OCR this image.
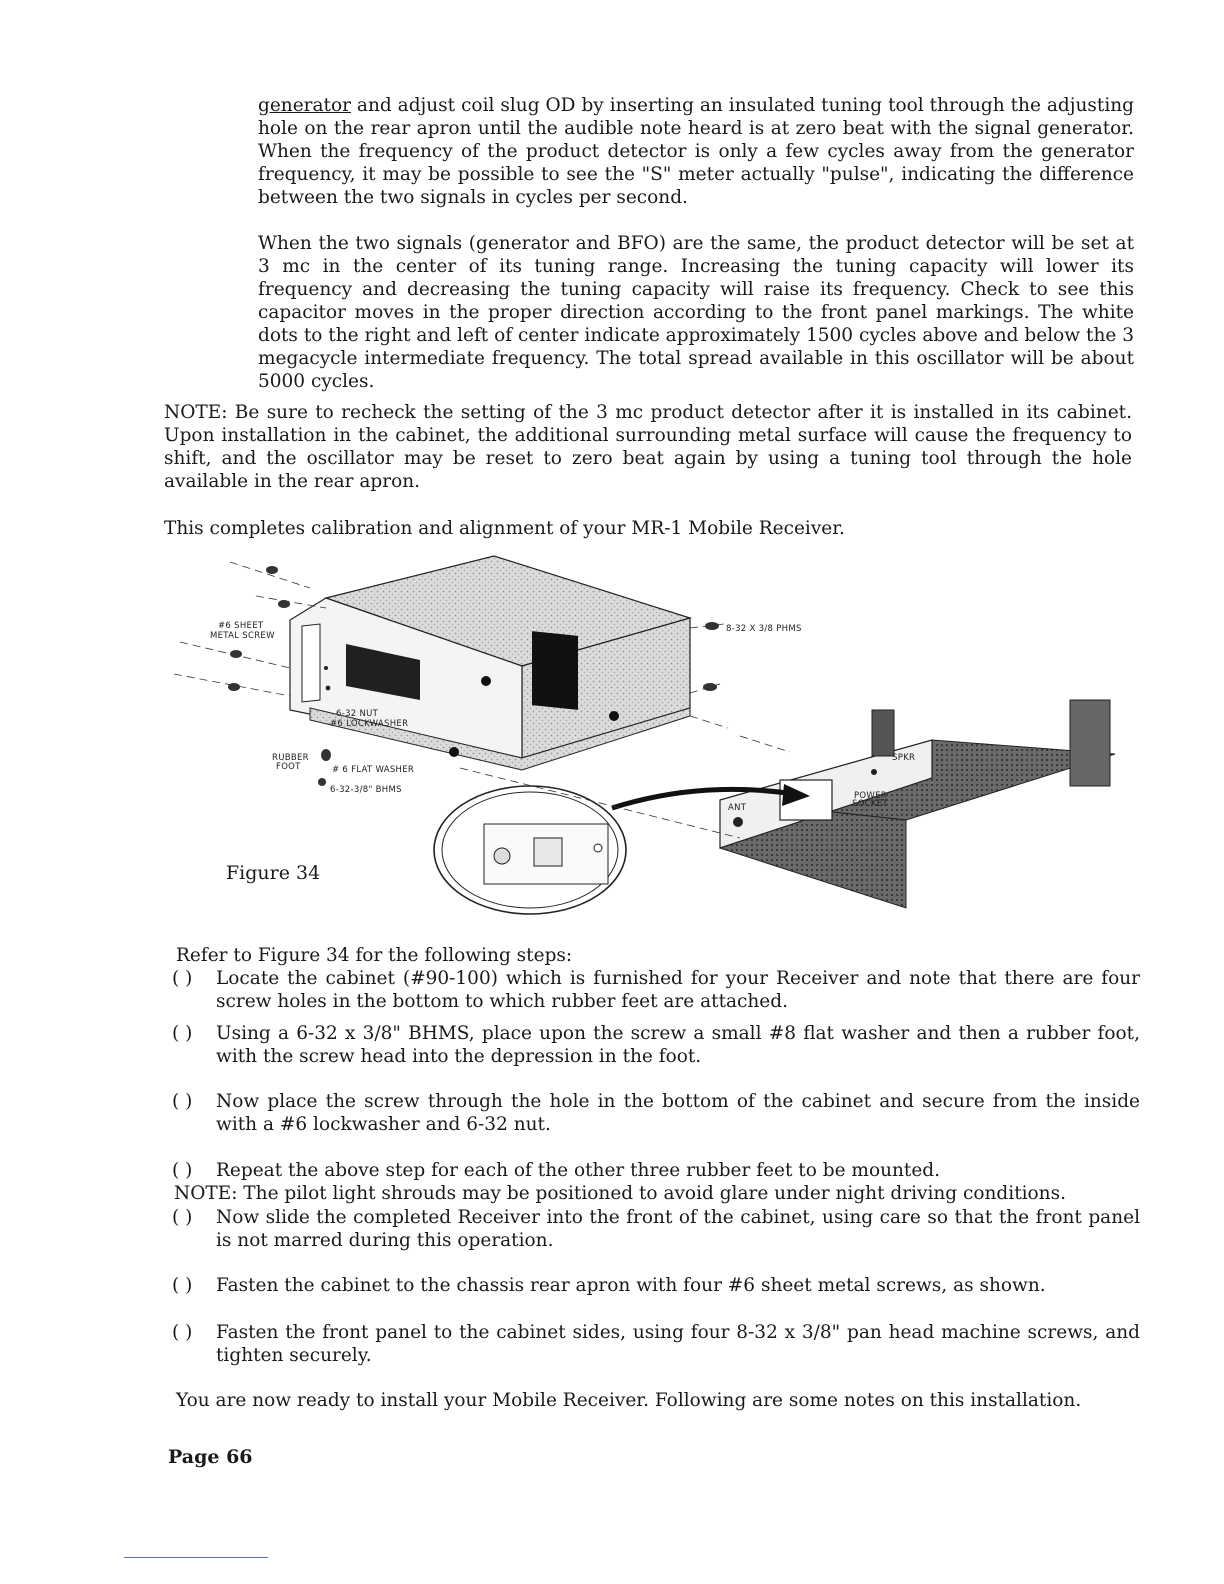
generator and adjust coil slug OD by inserting an insulated tuning tool through the adjusting hole on the rear apron until the audible note heard is at zero beat with the signal generator. When the frequency of the product detector is only a few cycles away from the generator frequency, it may be possible to see the "S" meter actually "pulse", indicating the difference between the two signals in cycles per second.

When the two signals (generator and BFO) are the same, the product detector will be set at 3 mc in the center of its tuning range. Increasing the tuning capacity will lower its frequency and decreasing the tuning capacity will raise its frequency. Check to see this capacitor moves in the proper direction according to the front panel markings. The white dots to the right and left of center indicate approximately 1500 cycles above and below the 3 megacycle intermediate frequency. The total spread available in this oscillator will be about 5000 cycles.

NOTE: Be sure to recheck the setting of the 3 mc product detector after it is installed in its cabinet. Upon installation in the cabinet, the additional surrounding metal surface will cause the frequency to shift, and the oscillator may be reset to zero beat again by using a tuning tool through the hole available in the rear apron.

This completes calibration and alignment of your MR-1 Mobile Receiver.

#6 SHEET
METAL SCREW
8-32 X 3/8 PHMS
6-32 NUT
#6 LOCKWASHER
RUBBER
FOOT	# 6 FLAT WASHER
6-32-3/8" BHMS
SPKR
POWER
SOCKET
ANT
Figure 34

Refer to Figure 34 for the following steps:

( ) Locate the cabinet (#90-100) which is furnished for your Receiver and note that there are four screw holes in the bottom to which rubber feet are attached.
( ) Using a 6-32 x 3/8" BHMS, place upon the screw a small #8 flat washer and then a rubber foot, with the screw head into the depression in the foot.
( ) Now place the screw through the hole in the bottom of the cabinet and secure from the inside with a #6 lockwasher and 6-32 nut.
( ) Repeat the above step for each of the other three rubber feet to be mounted.

NOTE: The pilot light shrouds may be positioned to avoid glare under night driving conditions.

( ) Now slide the completed Receiver into the front of the cabinet, using care so that the front panel is not marred during this operation.
( ) Fasten the cabinet to the chassis rear apron with four #6 sheet metal screws, as shown.
( ) Fasten the front panel to the cabinet sides, using four 8-32 x 3/8" pan head machine screws, and tighten securely.

You are now ready to install your Mobile Receiver. Following are some notes on this installation.

Page 66
